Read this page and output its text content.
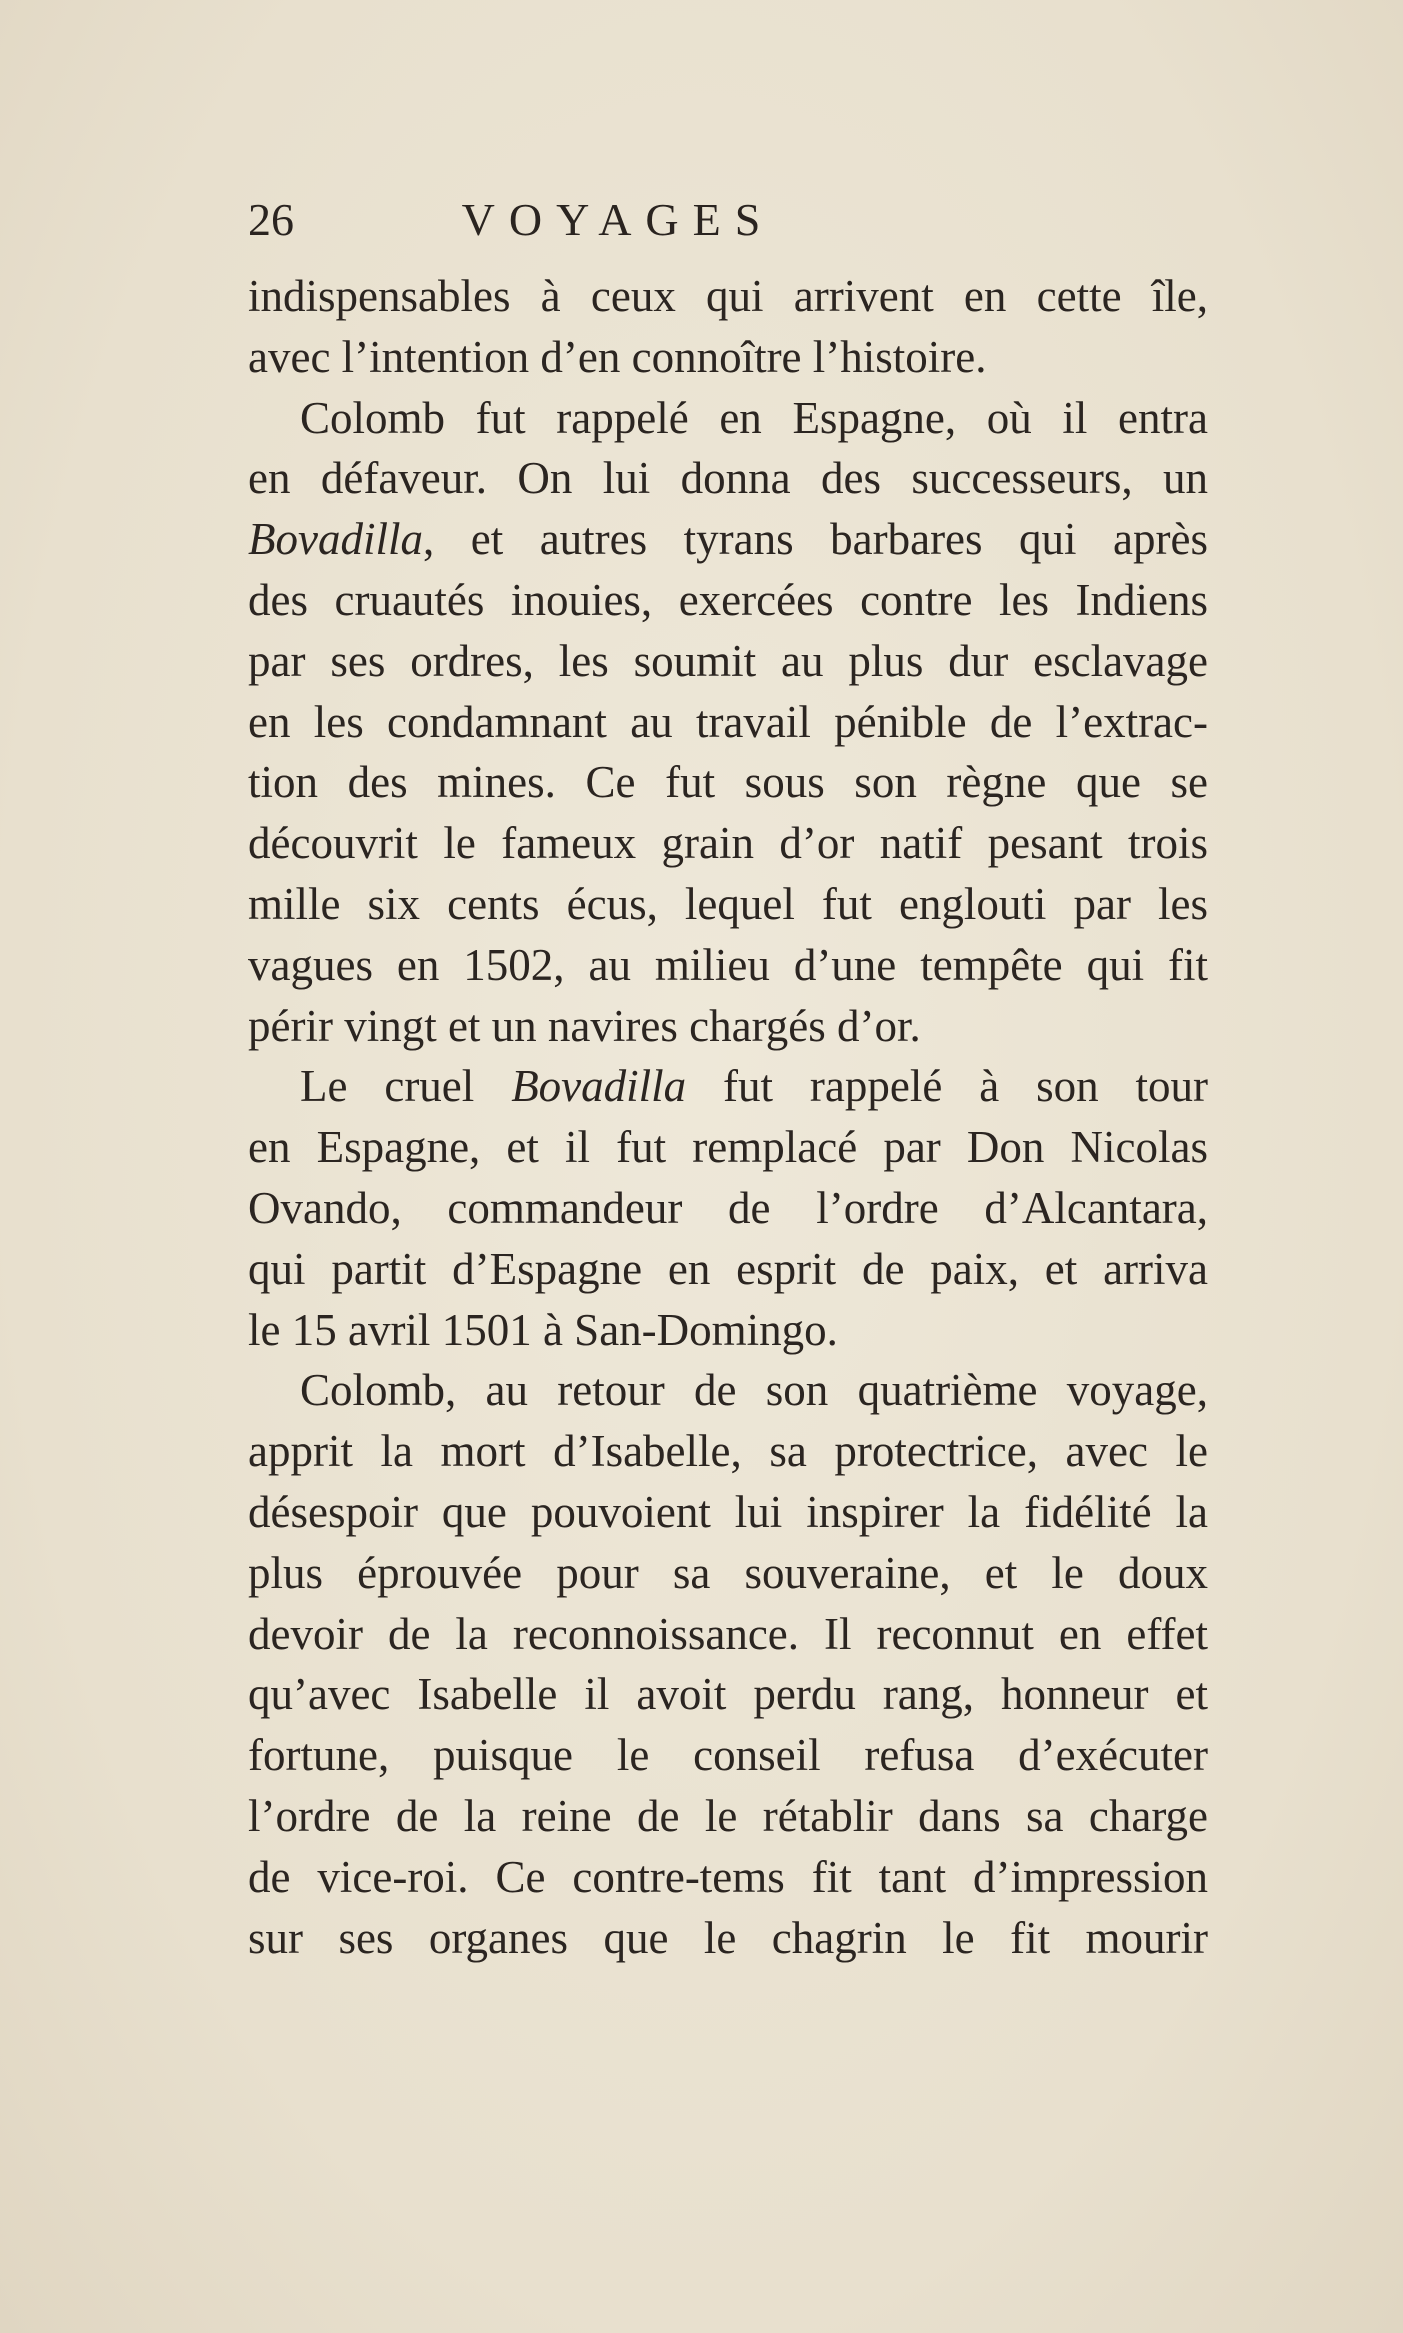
26	VOYAGES
indispensables à ceux qui arrivent en cette île,
avec l’intention d’en connoître l’histoire.
Colomb fut rappelé en Espagne, où il entra
en défaveur. On lui donna des successeurs, un
Bovadilla, et autres tyrans barbares qui après
des cruautés inouies, exercées contre les Indiens
par ses ordres, les soumit au plus dur esclavage
en les condamnant au travail pénible de l’extrac-
tion des mines. Ce fut sous son règne que se
découvrit le fameux grain d’or natif pesant trois
mille six cents écus, lequel fut englouti par les
vagues en 1502, au milieu d’une tempête qui fit
périr vingt et un navires chargés d’or.
Le cruel Bovadilla fut rappelé à son tour
en Espagne, et il fut remplacé par Don Nicolas
Ovando, commandeur de l’ordre d’Alcantara,
qui partit d’Espagne en esprit de paix, et arriva
le 15 avril 1501 à San-Domingo.
Colomb, au retour de son quatrième voyage,
apprit la mort d’Isabelle, sa protectrice, avec le
désespoir que pouvoient lui inspirer la fidélité la
plus éprouvée pour sa souveraine, et le doux
devoir de la reconnoissance. Il reconnut en effet
qu’avec Isabelle il avoit perdu rang, honneur et
fortune, puisque le conseil refusa d’exécuter
l’ordre de la reine de le rétablir dans sa charge
de vice-roi. Ce contre-tems fit tant d’impression
sur ses organes que le chagrin le fit mourir
